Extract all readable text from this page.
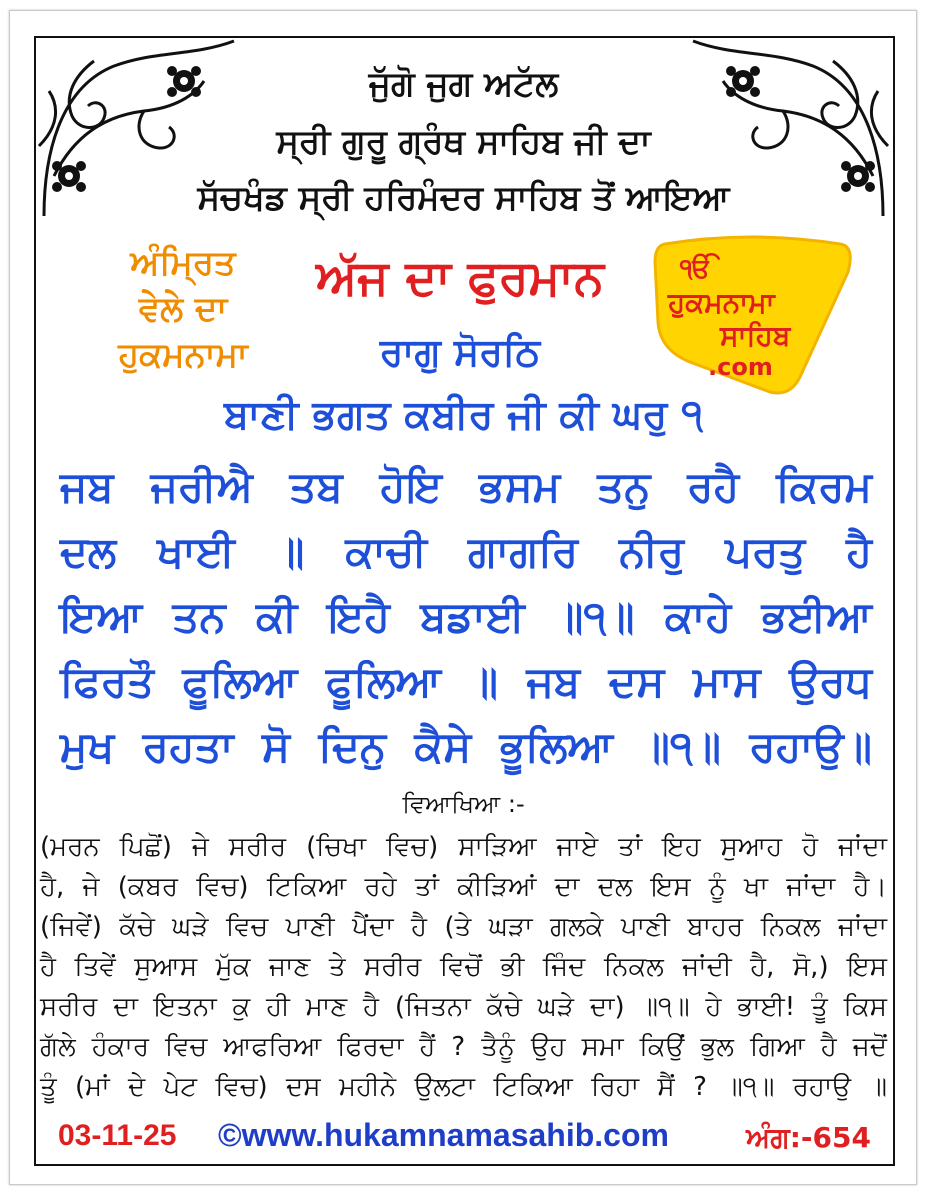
ਜੁੱਗੋ ਜੁਗ ਅਟੱਲ
ਸ੍ਰੀ ਗੁਰੂ ਗ੍ਰੰਥ ਸਾਹਿਬ ਜੀ ਦਾ
ਸੱਚਖੰਡ ਸ੍ਰੀ ਹਰਿਮੰਦਰ ਸਾਹਿਬ ਤੋਂ ਆਇਆ
ਅੰਮ੍ਰਿਤ
ਵੇਲੇ ਦਾ
ਹੁਕਮਨਾਮਾ
ਅੱਜ ਦਾ ਫੁਰਮਾਨ
ਰਾਗੁ ਸੋਰਠਿ
ੴ
ਹੁਕਮਨਾਮਾ
ਸਾਹਿਬ
.com
ਬਾਣੀ ਭਗਤ ਕਬੀਰ ਜੀ ਕੀ ਘਰੁ ੧
ਜਬ ਜਰੀਐ ਤਬ ਹੋਇ ਭਸਮ ਤਨੁ ਰਹੈ ਕਿਰਮ
ਦਲ ਖਾਈ ॥ ਕਾਚੀ ਗਾਗਰਿ ਨੀਰੁ ਪਰਤੁ ਹੈ
ਇਆ ਤਨ ਕੀ ਇਹੈ ਬਡਾਈ ॥੧॥ ਕਾਹੇ ਭਈਆ
ਫਿਰਤੌ ਫੂਲਿਆ ਫੂਲਿਆ ॥ ਜਬ ਦਸ ਮਾਸ ਉਰਧ
ਮੁਖ ਰਹਤਾ ਸੋ ਦਿਨੁ ਕੈਸੇ ਭੂਲਿਆ ॥੧॥ ਰਹਾਉ॥
ਵਿਆਖਿਆ :-
(ਮਰਨ ਪਿਛੋਂ) ਜੇ ਸਰੀਰ (ਚਿਖਾ ਵਿਚ) ਸਾੜਿਆ ਜਾਏ ਤਾਂ ਇਹ ਸੁਆਹ ਹੋ ਜਾਂਦਾ
ਹੈ, ਜੇ (ਕਬਰ ਵਿਚ) ਟਿਕਿਆ ਰਹੇ ਤਾਂ ਕੀੜਿਆਂ ਦਾ ਦਲ ਇਸ ਨੂੰ ਖਾ ਜਾਂਦਾ ਹੈ।
(ਜਿਵੇਂ) ਕੱਚੇ ਘੜੇ ਵਿਚ ਪਾਣੀ ਪੈਂਦਾ ਹੈ (ਤੇ ਘੜਾ ਗਲਕੇ ਪਾਣੀ ਬਾਹਰ ਨਿਕਲ ਜਾਂਦਾ
ਹੈ ਤਿਵੇਂ ਸੁਆਸ ਮੁੱਕ ਜਾਣ ਤੇ ਸਰੀਰ ਵਿਚੋਂ ਭੀ ਜਿੰਦ ਨਿਕਲ ਜਾਂਦੀ ਹੈ, ਸੋ,) ਇਸ
ਸਰੀਰ ਦਾ ਇਤਨਾ ਕੁ ਹੀ ਮਾਣ ਹੈ (ਜਿਤਨਾ ਕੱਚੇ ਘੜੇ ਦਾ) ॥੧॥ ਹੇ ਭਾਈ! ਤੂੰ ਕਿਸ
ਗੱਲੇ ਹੰਕਾਰ ਵਿਚ ਆਫਰਿਆ ਫਿਰਦਾ ਹੈਂ ? ਤੈਨੂੰ ਉਹ ਸਮਾ ਕਿਉਂ ਭੁਲ ਗਿਆ ਹੈ ਜਦੋਂ
ਤੂੰ (ਮਾਂ ਦੇ ਪੇਟ ਵਿਚ) ਦਸ ਮਹੀਨੇ ਉਲਟਾ ਟਿਕਿਆ ਰਿਹਾ ਸੈਂ ? ॥੧॥ ਰਹਾਉ ॥
03-11-25 ©www.hukamnamasahib.com	ਅੰਗ:-654
